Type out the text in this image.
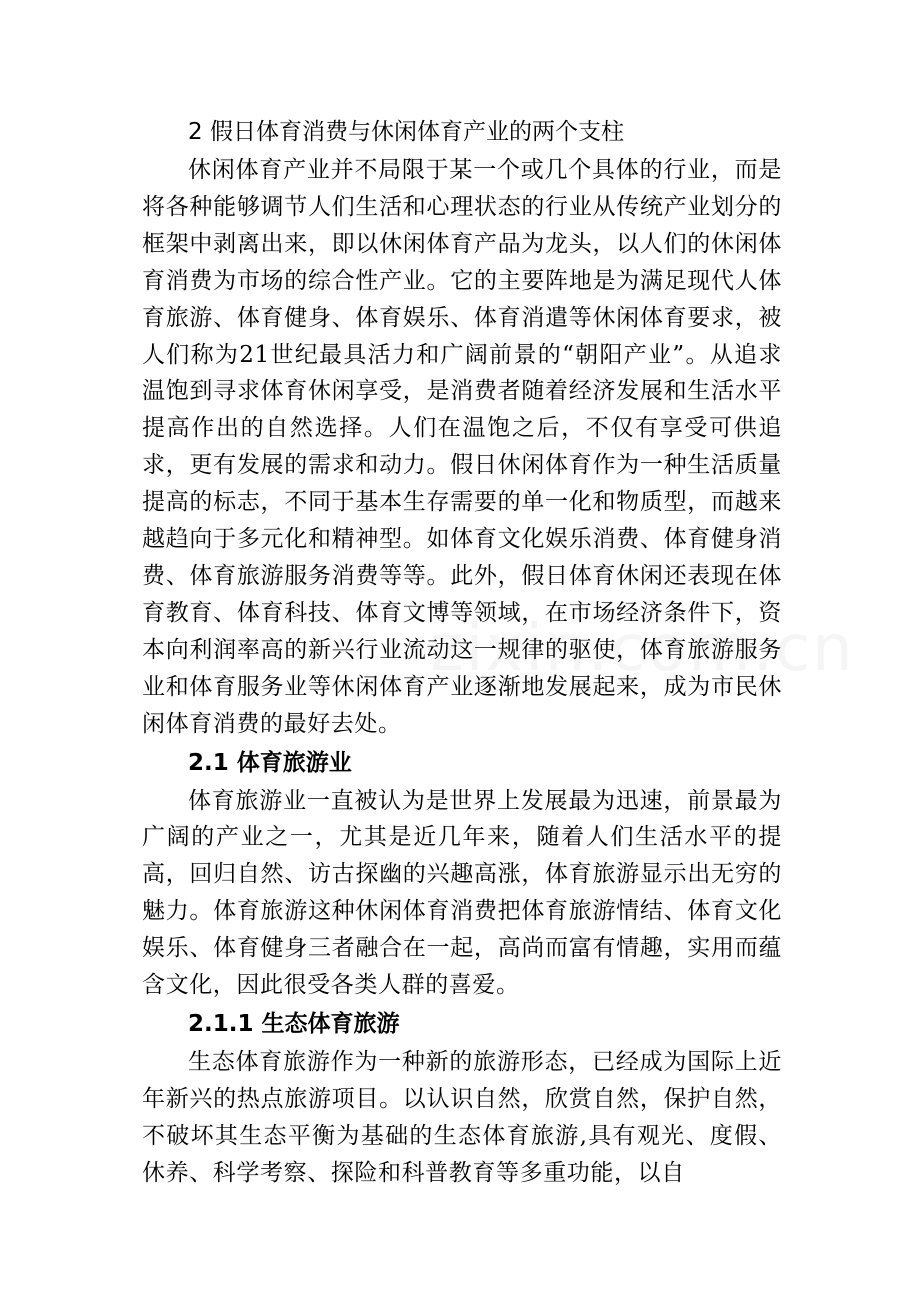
2 假日体育消费与休闲体育产业的两个支柱

休闲体育产业并不局限于某一个或几个具体的行业，而是将各种能够调节人们生活和心理状态的行业从传统产业划分的框架中剥离出来，即以休闲体育产品为龙头，以人们的休闲体育消费为市场的综合性产业。它的主要阵地是为满足现代人体育旅游、体育健身、体育娱乐、体育消遣等休闲体育要求，被人们称为21世纪最具活力和广阔前景的“朝阳产业”。从追求温饱到寻求体育休闲享受，是消费者随着经济发展和生活水平提高作出的自然选择。人们在温饱之后，不仅有享受可供追求，更有发展的需求和动力。假日休闲体育作为一种生活质量提高的标志，不同于基本生存需要的单一化和物质型，而越来越趋向于多元化和精神型。如体育文化娱乐消费、体育健身消费、体育旅游服务消费等等。此外，假日体育休闲还表现在体育教育、体育科技、体育文博等领域，在市场经济条件下，资本向利润率高的新兴行业流动这一规律的驱使，体育旅游服务业和体育服务业等休闲体育产业逐渐地发展起来，成为市民休闲体育消费的最好去处。

2.1 体育旅游业

体育旅游业一直被认为是世界上发展最为迅速，前景最为广阔的产业之一，尤其是近几年来，随着人们生活水平的提高，回归自然、访古探幽的兴趣高涨，体育旅游显示出无穷的魅力。体育旅游这种休闲体育消费把体育旅游情结、体育文化娱乐、体育健身三者融合在一起，高尚而富有情趣，实用而蕴含文化，因此很受各类人群的喜爱。

2.1.1 生态体育旅游

生态体育旅游作为一种新的旅游形态，已经成为国际上近年新兴的热点旅游项目。以认识自然，欣赏自然，保护自然，不破坏其生态平衡为基础的生态体育旅游,具有观光、度假、休养、科学考察、探险和科普教育等多重功能，以自
